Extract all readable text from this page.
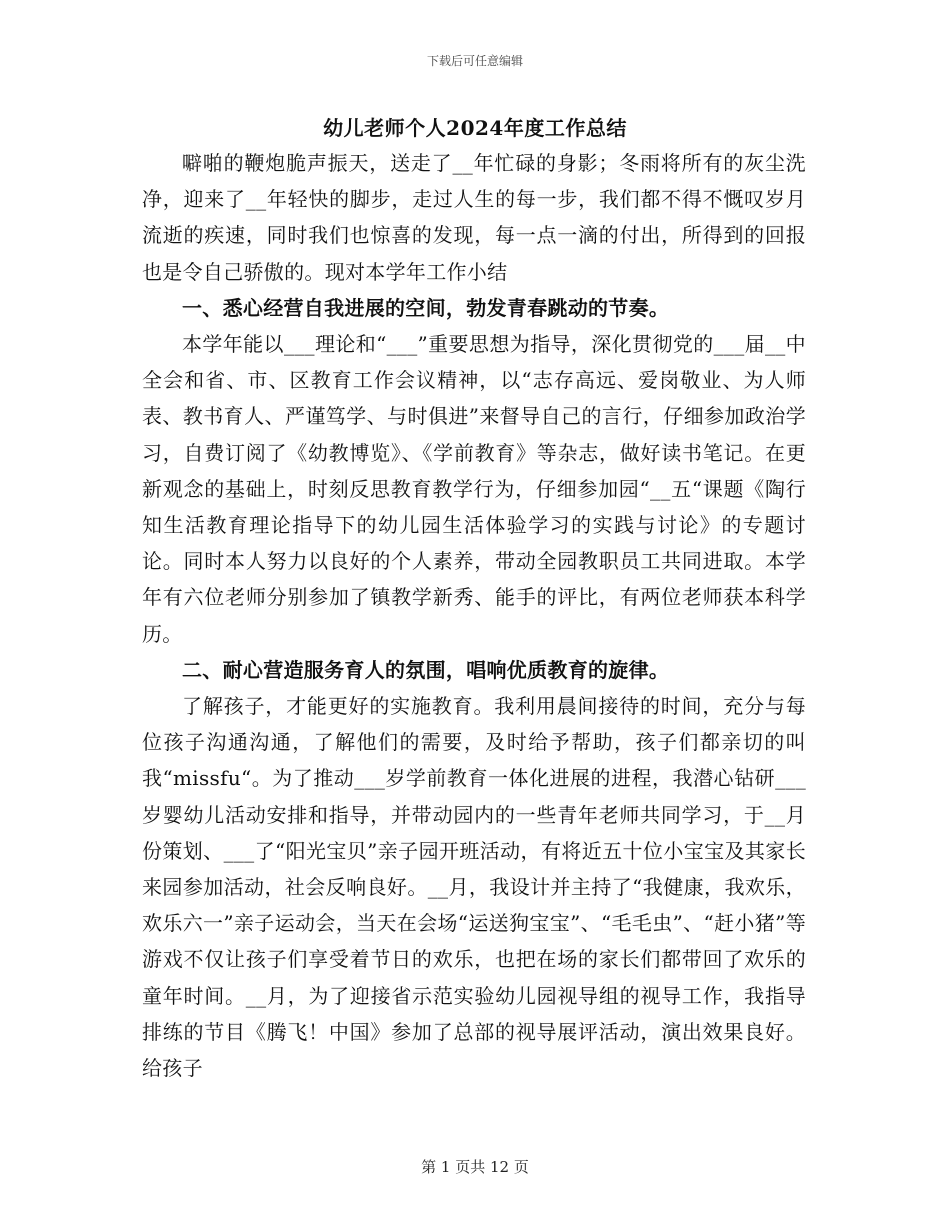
下载后可任意编辑
幼儿老师个人2024年度工作总结

噼啪的鞭炮脆声振天，送走了__年忙碌的身影；冬雨将所有的灰尘洗净，迎来了__年轻快的脚步，走过人生的每一步，我们都不得不慨叹岁月流逝的疾速，同时我们也惊喜的发现，每一点一滴的付出，所得到的回报也是令自己骄傲的。现对本学年工作小结

一、悉心经营自我进展的空间，勃发青春跳动的节奏。

本学年能以___理论和“___”重要思想为指导，深化贯彻党的___届__中全会和省、市、区教育工作会议精神，以“志存高远、爱岗敬业、为人师表、教书育人、严谨笃学、与时俱进”来督导自己的言行，仔细参加政治学习，自费订阅了《幼教博览》、《学前教育》等杂志，做好读书笔记。在更新观念的基础上，时刻反思教育教学行为，仔细参加园“__五“课题《陶行知生活教育理论指导下的幼儿园生活体验学习的实践与讨论》的专题讨论。同时本人努力以良好的个人素养，带动全园教职员工共同进取。本学年有六位老师分别参加了镇教学新秀、能手的评比，有两位老师获本科学历。

二、耐心营造服务育人的氛围，唱响优质教育的旋律。

了解孩子，才能更好的实施教育。我利用晨间接待的时间，充分与每位孩子沟通沟通，了解他们的需要，及时给予帮助，孩子们都亲切的叫我“missfu“。为了推动___岁学前教育一体化进展的进程，我潜心钻研___岁婴幼儿活动安排和指导，并带动园内的一些青年老师共同学习，于__月份策划、___了“阳光宝贝”亲子园开班活动，有将近五十位小宝宝及其家长来园参加活动，社会反响良好。__月，我设计并主持了“我健康，我欢乐，欢乐六一”亲子运动会，当天在会场“运送狗宝宝”、“毛毛虫”、“赶小猪”等游戏不仅让孩子们享受着节日的欢乐，也把在场的家长们都带回了欢乐的童年时间。__月，为了迎接省示范实验幼儿园视导组的视导工作，我指导排练的节目《腾飞！中国》参加了总部的视导展评活动，演出效果良好。给孩子

第 1 页共 12 页
